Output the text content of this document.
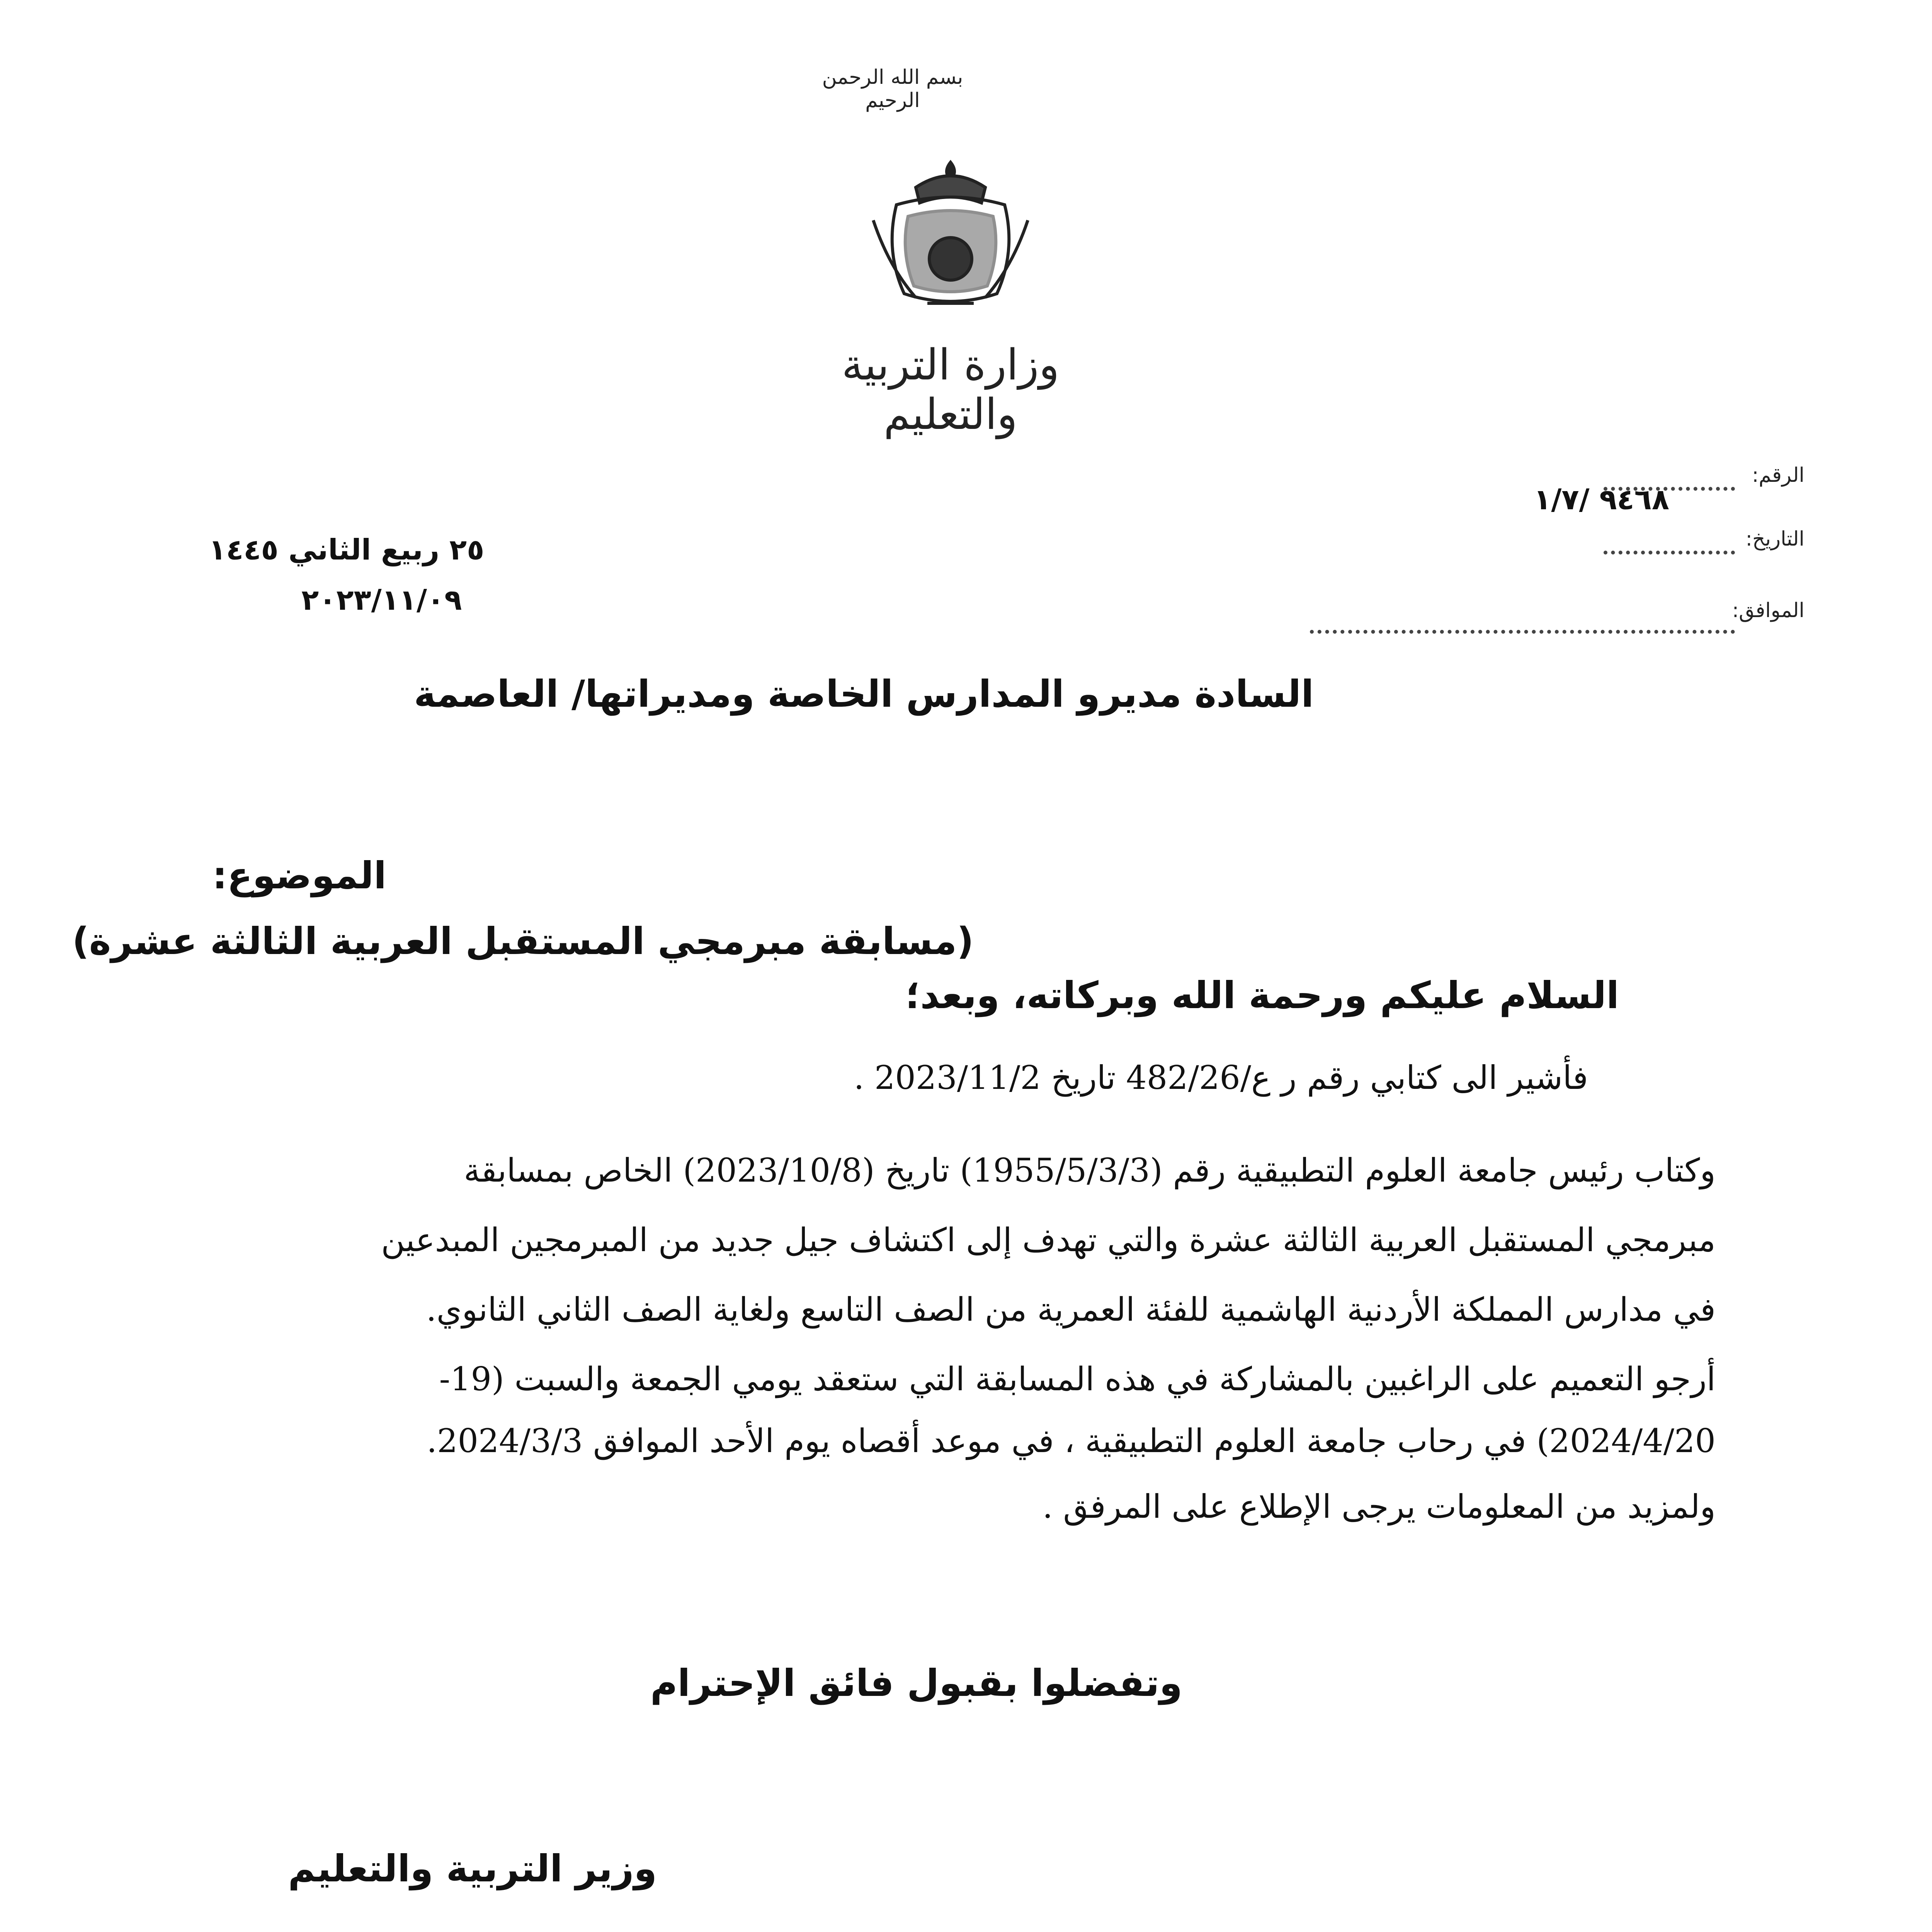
بسم الله الرحمن الرحيم
وزارة التربية والتعليم
الرقم:
٩٤٦٨ /١/٧
التاريخ:
٢٥ ربيع الثاني ١٤٤٥
الموافق:
٢٠٢٣/١١/٠٩
السادة مديرو المدارس الخاصة ومديراتها/ العاصمة
الموضوع:
(مسابقة مبرمجي المستقبل العربية الثالثة عشرة)
السلام عليكم ورحمة الله وبركاته، وبعد؛
فأشير الى كتابي رقم ر ع/482/26 تاريخ 2023/11/2 .
وكتاب رئيس جامعة العلوم التطبيقية رقم (1955/5/3/3) تاريخ (2023/10/8) الخاص بمسابقة
مبرمجي المستقبل العربية الثالثة عشرة والتي تهدف إلى اكتشاف جيل جديد من المبرمجين المبدعين
في مدارس المملكة الأردنية الهاشمية للفئة العمرية من الصف التاسع ولغاية الصف الثاني الثانوي.
أرجو التعميم على الراغبين بالمشاركة في هذه المسابقة التي ستعقد يومي الجمعة والسبت (19-
2024/4/20) في رحاب جامعة العلوم التطبيقية ، في موعد أقصاه يوم الأحد الموافق 2024/3/3.
ولمزيد من المعلومات يرجى الإطلاع على المرفق .
وتفضلوا بقبول فائق الإحترام
وزير التربية والتعليم
